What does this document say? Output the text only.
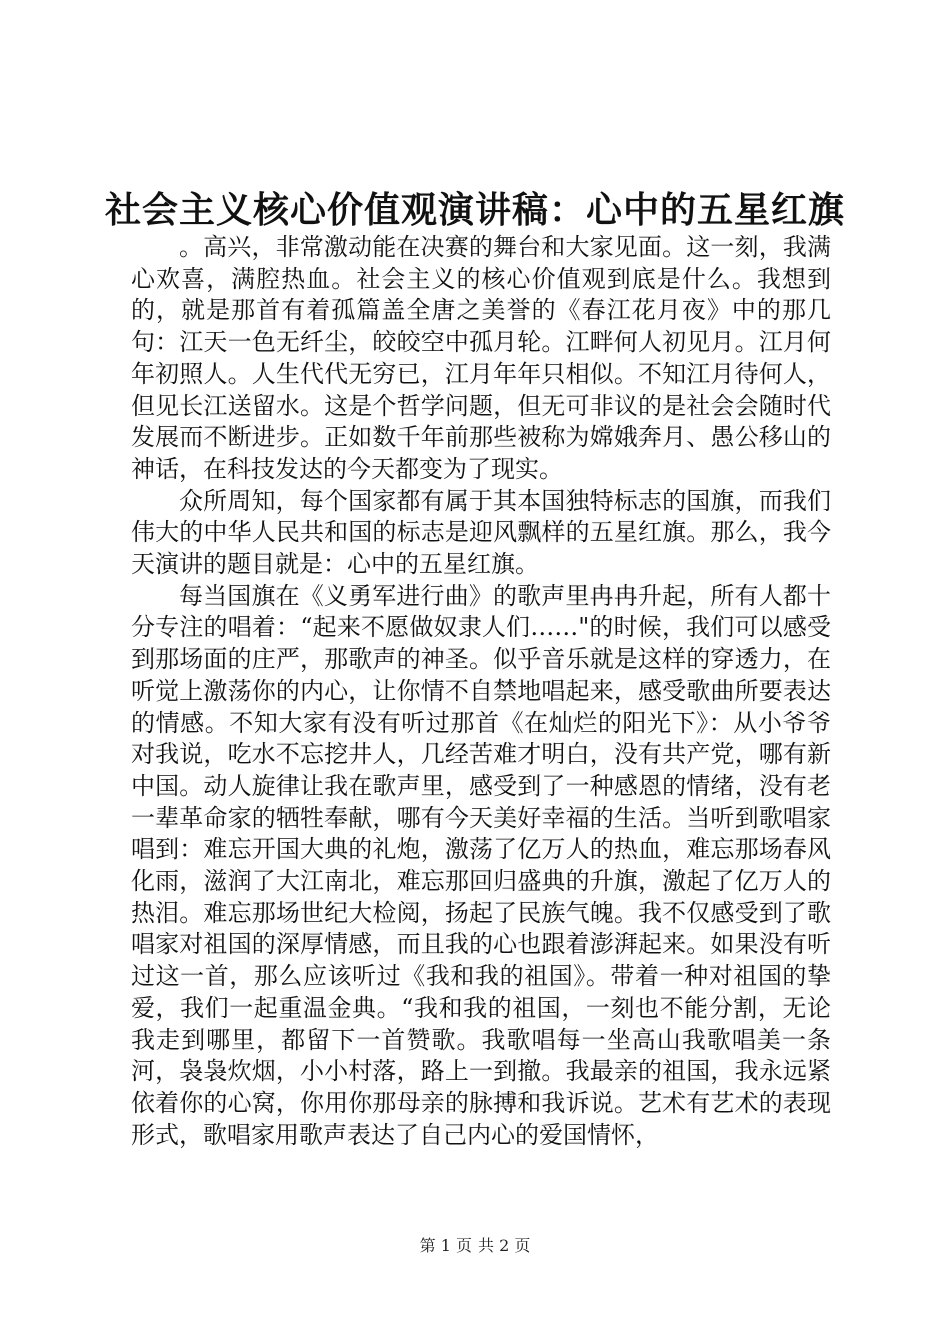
社会主义核心价值观演讲稿：心中的五星红旗

。高兴，非常激动能在决赛的舞台和大家见面。这一刻，我满心欢喜，满腔热血。社会主义的核心价值观到底是什么。我想到的，就是那首有着孤篇盖全唐之美誉的《春江花月夜》中的那几句：江天一色无纤尘，皎皎空中孤月轮。江畔何人初见月。江月何年初照人。人生代代无穷已，江月年年只相似。不知江月待何人，但见长江送留水。这是个哲学问题，但无可非议的是社会会随时代发展而不断进步。正如数千年前那些被称为嫦娥奔月、愚公移山的神话，在科技发达的今天都变为了现实。

众所周知，每个国家都有属于其本国独特标志的国旗，而我们伟大的中华人民共和国的标志是迎风飘样的五星红旗。那么，我今天演讲的题目就是：心中的五星红旗。

每当国旗在《义勇军进行曲》的歌声里冉冉升起，所有人都十分专注的唱着：“起来不愿做奴隶人们……"的时候，我们可以感受到那场面的庄严，那歌声的神圣。似乎音乐就是这样的穿透力，在听觉上激荡你的内心，让你情不自禁地唱起来，感受歌曲所要表达的情感。不知大家有没有听过那首《在灿烂的阳光下》：从小爷爷对我说，吃水不忘挖井人，几经苦难才明白，没有共产党，哪有新中国。动人旋律让我在歌声里，感受到了一种感恩的情绪，没有老一辈革命家的牺牲奉献，哪有今天美好幸福的生活。当听到歌唱家唱到：难忘开国大典的礼炮，激荡了亿万人的热血，难忘那场春风化雨，滋润了大江南北，难忘那回归盛典的升旗，激起了亿万人的热泪。难忘那场世纪大检阅，扬起了民族气魄。我不仅感受到了歌唱家对祖国的深厚情感，而且我的心也跟着澎湃起来。如果没有听过这一首，那么应该听过《我和我的祖国》。带着一种对祖国的挚爱，我们一起重温金典。“我和我的祖国，一刻也不能分割，无论我走到哪里，都留下一首赞歌。我歌唱每一坐高山我歌唱美一条河，袅袅炊烟，小小村落，路上一到撤。我最亲的祖国，我永远紧依着你的心窝，你用你那母亲的脉搏和我诉说。艺术有艺术的表现形式，歌唱家用歌声表达了自己内心的爱国情怀，

第 1 页 共 2 页
